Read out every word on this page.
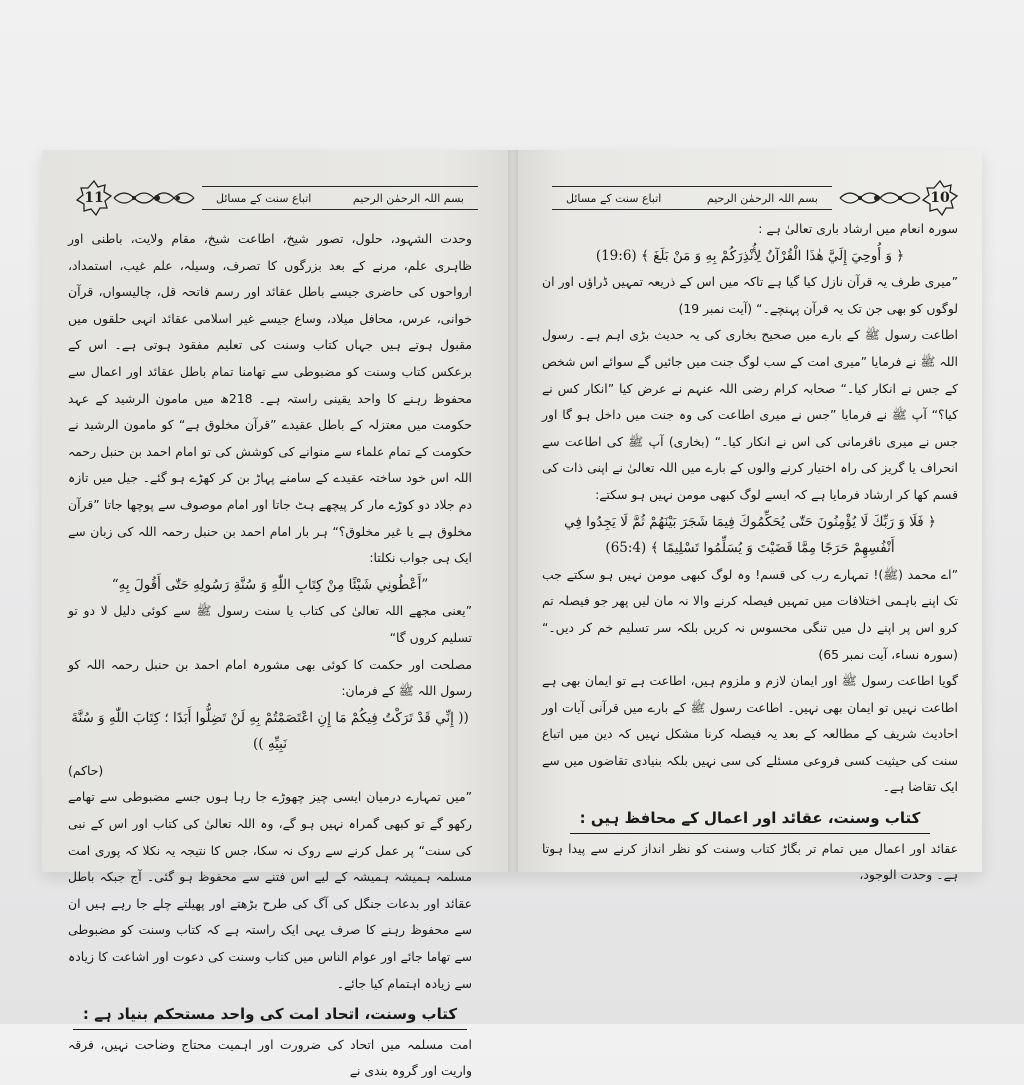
11	بسم اللہ الرحمٰن الرحیم
اتباع سنت کے مسائل

وحدت الشہود، حلول، تصور شیخ، اطاعت شیخ، مقام ولایت، باطنی اور ظاہری علم، مرنے کے بعد بزرگوں کا تصرف، وسیلہ، علم غیب، استمداد، ارواحوں کی حاضری جیسے باطل عقائد اور رسم فاتحہ قل، چالیسواں، قرآن خوانی، عرس، محافل میلاد، وساع جیسے غیر اسلامی عقائد انہی حلقوں میں مقبول ہوتے ہیں جہاں کتاب وسنت کی تعلیم مفقود ہوتی ہے۔ اس کے برعکس کتاب وسنت کو مضبوطی سے تھامنا تمام باطل عقائد اور اعمال سے محفوظ رہنے کا واحد یقینی راستہ ہے۔ 218ھ میں مامون الرشید کے عہد حکومت میں معتزلہ کے باطل عقیدے ”قرآن مخلوق ہے“ کو مامون الرشید نے حکومت کے تمام علماء سے منوانے کی کوشش کی تو امام احمد بن حنبل رحمہ اللہ اس خود ساختہ عقیدے کے سامنے پہاڑ بن کر کھڑے ہو گئے۔ جیل میں تازہ دم جلاد دو کوڑے مار کر پیچھے ہٹ جاتا اور امام موصوف سے پوچھا جاتا ”قرآن مخلوق ہے یا غیر مخلوق؟“ ہر بار امام احمد بن حنبل رحمہ اللہ کی زبان سے ایک ہی جواب نکلتا:

”أَعْطُونِي شَيْئًا مِنْ كِتَابِ اللّٰهِ وَ سُنَّةِ رَسُولِهِ حَتّٰى أَقُولَ بِهِ“

”یعنی مجھے اللہ تعالیٰ کی کتاب یا سنت رسول ﷺ سے کوئی دلیل لا دو تو تسلیم کروں گا“

مصلحت اور حکمت کا کوئی بھی مشورہ امام احمد بن حنبل رحمہ اللہ کو رسول اللہ ﷺ کے فرمان:

(( إِنِّي قَدْ تَرَكْتُ فِيكُمْ مَا إِنِ اعْتَصَمْتُمْ بِهِ لَنْ تَضِلُّوا أَبَدًا ؛ كِتَابَ اللّٰهِ وَ سُنَّةَ نَبِيِّهِ ))

(حاکم)

”میں تمہارے درمیان ایسی چیز چھوڑے جا رہا ہوں جسے مضبوطی سے تھامے رکھو گے تو کبھی گمراہ نہیں ہو گے، وہ اللہ تعالیٰ کی کتاب اور اس کے نبی کی سنت“ پر عمل کرنے سے روک نہ سکا، جس کا نتیجہ یہ نکلا کہ پوری امت مسلمہ ہمیشہ ہمیشہ کے لیے اس فتنے سے محفوظ ہو گئی۔ آج جبکہ باطل عقائد اور بدعات جنگل کی آگ کی طرح بڑھتے اور پھیلتے چلے جا رہے ہیں ان سے محفوظ رہنے کا صرف یہی ایک راستہ ہے کہ کتاب وسنت کو مضبوطی سے تھاما جائے اور عوام الناس میں کتاب وسنت کی دعوت اور اشاعت کا زیادہ سے زیادہ اہتمام کیا جائے۔

کتاب وسنت، اتحاد امت کی واحد مستحکم بنیاد ہے :

امت مسلمہ میں اتحاد کی ضرورت اور اہمیت محتاج وضاحت نہیں، فرقہ واریت اور گروہ بندی نے

بسم اللہ الرحمٰن الرحیم
اتباع سنت کے مسائل	10

سورہ انعام میں ارشاد باری تعالیٰ ہے :

﴿ وَ أُوحِيَ إِلَيَّ هٰذَا الْقُرْآنُ لِأُنْذِرَكُمْ بِهِ وَ مَنْ بَلَغَ ﴾ (19:6)

”میری طرف یہ قرآن نازل کیا گیا ہے تاکہ میں اس کے ذریعہ تمہیں ڈراؤں اور ان لوگوں کو بھی جن تک یہ قرآن پہنچے۔“ (آیت نمبر 19)

اطاعت رسول ﷺ کے بارے میں صحیح بخاری کی یہ حدیث بڑی اہم ہے۔ رسول اللہ ﷺ نے فرمایا ”میری امت کے سب لوگ جنت میں جائیں گے سوائے اس شخص کے جس نے انکار کیا۔“ صحابہ کرام رضی اللہ عنہم نے عرض کیا ”انکار کس نے کیا؟“ آپ ﷺ نے فرمایا ”جس نے میری اطاعت کی وہ جنت میں داخل ہو گا اور جس نے میری نافرمانی کی اس نے انکار کیا۔“ (بخاری) آپ ﷺ کی اطاعت سے انحراف یا گریز کی راہ اختیار کرنے والوں کے بارے میں اللہ تعالیٰ نے اپنی ذات کی قسم کھا کر ارشاد فرمایا ہے کہ ایسے لوگ کبھی مومن نہیں ہو سکتے:

﴿ فَلَا وَ رَبِّكَ لَا يُؤْمِنُونَ حَتّٰى يُحَكِّمُوكَ فِيمَا شَجَرَ بَيْنَهُمْ ثُمَّ لَا يَجِدُوا فِي أَنْفُسِهِمْ حَرَجًا مِمَّا قَضَيْتَ وَ يُسَلِّمُوا تَسْلِيمًا ﴾ (65:4)

”اے محمد (ﷺ)! تمہارے رب کی قسم! وہ لوگ کبھی مومن نہیں ہو سکتے جب تک اپنے باہمی اختلافات میں تمہیں فیصلہ کرنے والا نہ مان لیں پھر جو فیصلہ تم کرو اس پر اپنے دل میں تنگی محسوس نہ کریں بلکہ سر تسلیم خم کر دیں۔“ (سورہ نساء، آیت نمبر 65)

گویا اطاعت رسول ﷺ اور ایمان لازم و ملزوم ہیں، اطاعت ہے تو ایمان بھی ہے اطاعت نہیں تو ایمان بھی نہیں۔ اطاعت رسول ﷺ کے بارے میں قرآنی آیات اور احادیث شریف کے مطالعہ کے بعد یہ فیصلہ کرنا مشکل نہیں کہ دین میں اتباع سنت کی حیثیت کسی فروعی مسئلے کی سی نہیں بلکہ بنیادی تقاضوں میں سے ایک تقاضا ہے۔

کتاب وسنت، عقائد اور اعمال کے محافظ ہیں :

عقائد اور اعمال میں تمام تر بگاڑ کتاب وسنت کو نظر انداز کرنے سے پیدا ہوتا ہے۔ وحدت الوجود،
